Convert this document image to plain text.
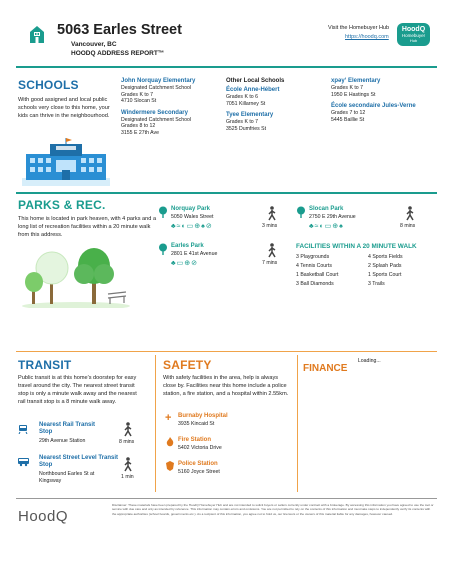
5063 Earles Street
Vancouver, BC
HOODQ ADDRESS REPORT™
Visit the Homebuyer Hub
https://hoodq.com
HoodQ
Homebuyer
Hub
SCHOOLS
With good assigned and local public schools very close to this home, your kids can thrive in the neighbourhood.
John Norquay Elementary
Designated Catchment School
Grades K to 7
4710 Slocan St
Windermere Secondary
Designated Catchment School
Grades 8 to 12
3155 E 27th Ave
Other Local Schools
École Anne-Hébert
Grades K to 6
7051 Killarney St
Tyee Elementary
Grades K to 7
3525 Dumfries St
xpəyʼ Elementary
Grades K to 7
1950 E Hastings St
École secondaire Jules-Verne
Grades 7 to 12
5445 Baillie St
PARKS & REC.
This home is located in park heaven, with 4 parks and a long list of recreation facilities within a 20 minute walk from this address.
Norquay Park
5050 Wales Street
♣≈◐▭⊕♠⊘	3 mins
Earles Park
2801 E 41st Avenue
♣▭⊕⊘	7 mins
Slocan Park
2750 E 29th Avenue
♣≈◐▭⊕♠	8 mins
FACILITIES WITHIN A 20 MINUTE WALK
3 Playgrounds
4 Tennis Courts
1 Basketball Court
3 Ball Diamonds
4 Sports Fields
2 Splash Pads
1 Sports Court
3 Trails
TRANSIT
Public transit is at this home's doorstep for easy travel around the city. The nearest street transit stop is only a minute walk away and the nearest rail transit stop is a 8 minute walk away.
Nearest Rail Transit Stop
29th Avenue Station	8 mins
Nearest Street Level Transit Stop
Northbound Earles St at Kingsway
1 min
SAFETY
With safety facilities in the area, help is always close by. Facilities near this home include a police station, a fire station, and a hospital within 2.55km.
+ Burnaby Hospital
3935 Kincaid St
Fire Station
5402 Victoria Drive
Police Station
5160 Joyce Street
FINANCE $^{Loading...}$
HoodQ
Disclaimer: These materials have been prepared by the HoodQ Homebuyer Hub and are not intended to solicit buyers or sellers currently under contract with a brokerage. By accessing this information you have agreed to use the tool or service with due care and only as intended by reference. This information may contain errors and omissions. You are not permitted to rely on the contents of this information and must take steps to independently verify its contents with the appropriate authorities (school boards, governments etc.). As a recipient of this information, you agree not to hold us, our licensors or the owners of this material liable for any damages, however caused.
